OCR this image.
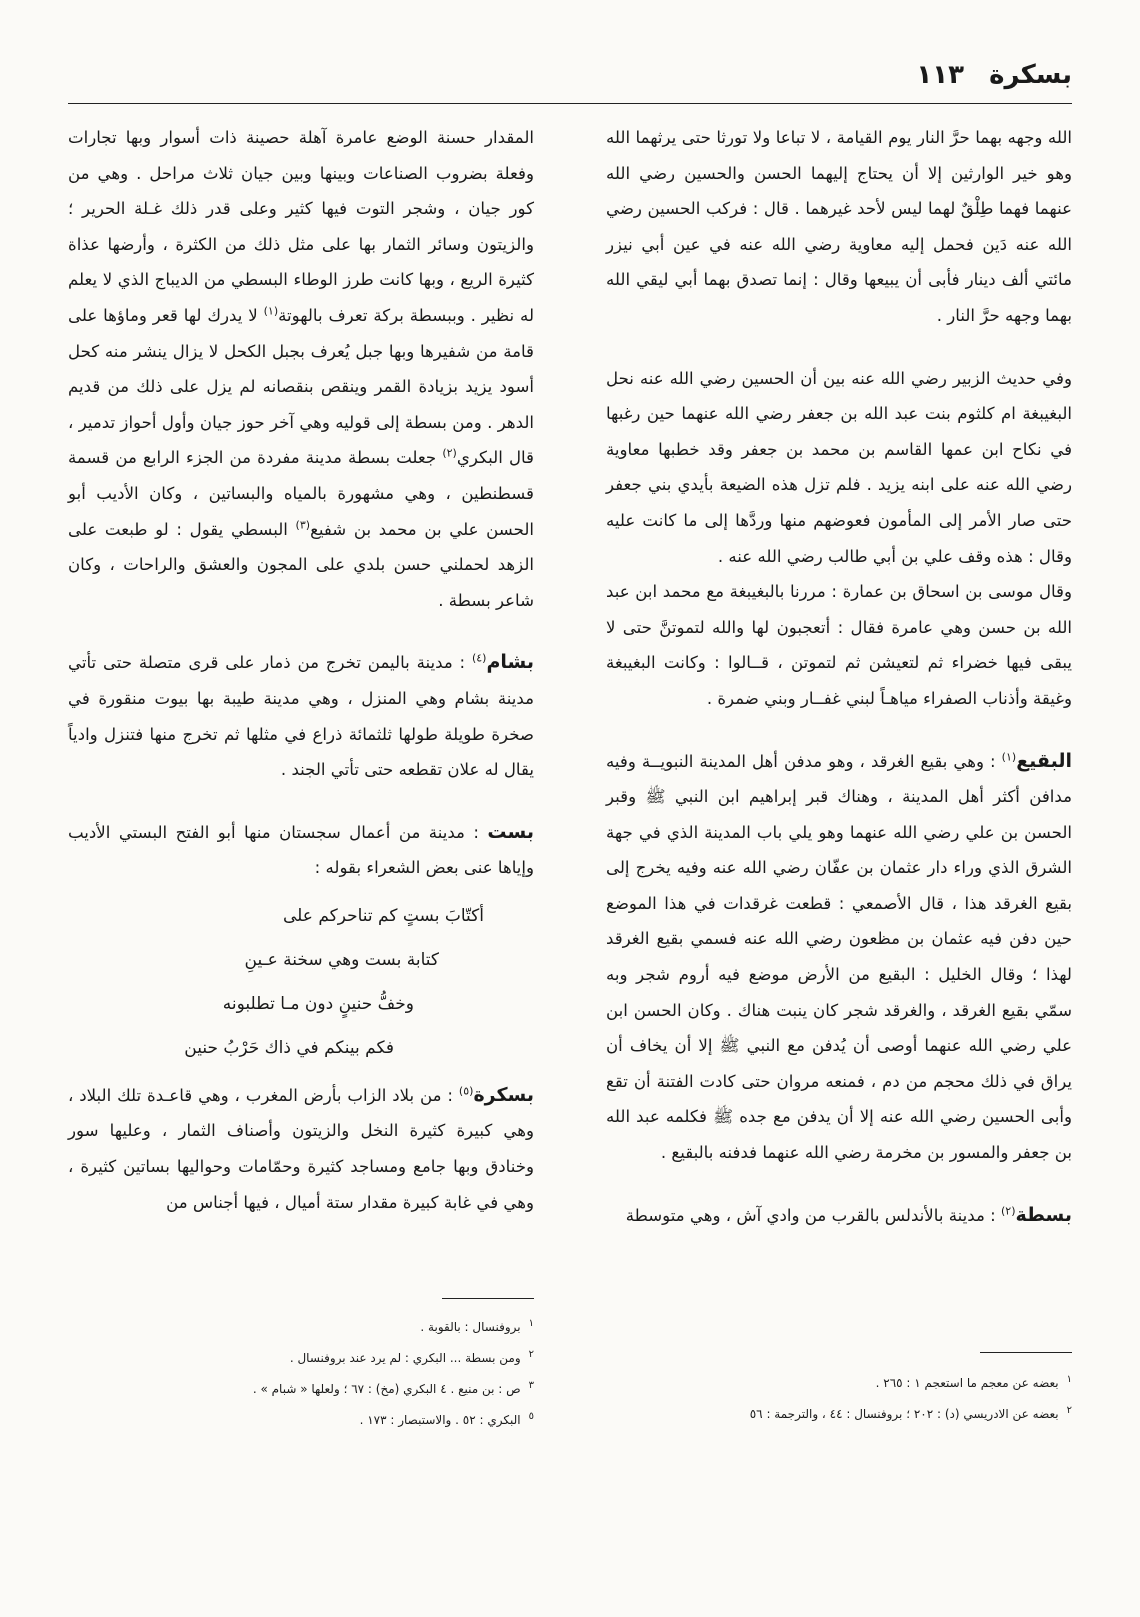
بسكرة
١١٣

الله وجهه بهما حرَّ النار يوم القيامة ، لا تباعا ولا تورثا حتى يرثهما الله وهو خير الوارثين إلا أن يحتاج إليهما الحسن والحسين رضي الله عنهما فهما طِلْقٌ لهما ليس لأحد غيرهما . قال : فركب الحسين رضي الله عنه دَين فحمل إليه معاوية رضي الله عنه في عين أبي نيزر مائتي ألف دينار فأبى أن يبيعها وقال : إنما تصدق بهما أبي ليقي الله بهما وجهه حرَّ النار .

وفي حديث الزبير رضي الله عنه بين أن الحسين رضي الله عنه نحل البغيبغة ام كلثوم بنت عبد الله بن جعفر رضي الله عنهما حين رغبها في نكاح ابن عمها القاسم بن محمد بن جعفر وقد خطبها معاوية رضي الله عنه على ابنه يزيد . فلم تزل هذه الضيعة بأيدي بني جعفر حتى صار الأمر إلى المأمون فعوضهم منها وردَّها إلى ما كانت عليه وقال : هذه وقف علي بن أبي طالب رضي الله عنه .

وقال موسى بن اسحاق بن عمارة : مررنا بالبغيبغة مع محمد ابن عبد الله بن حسن وهي عامرة فقال : أتعجبون لها والله لتموتنَّ حتى لا يبقى فيها خضراء ثم لتعيشن ثم لتموتن ، قــالوا : وكانت البغيبغة وغيقة وأذناب الصفراء مياهـاً لبني غفــار وبني ضمرة .

البقيع$^{(١)}$ : وهي بقيع الغرقد ، وهو مدفن أهل المدينة النبويــة وفيه مدافن أكثر أهل المدينة ، وهناك قبر إبراهيم ابن النبي ﷺ وقبر الحسن بن علي رضي الله عنهما وهو يلي باب المدينة الذي في جهة الشرق الذي وراء دار عثمان بن عفّان رضي الله عنه وفيه يخرج إلى بقيع الغرقد هذا ، قال الأصمعي : قطعت غرقدات في هذا الموضع حين دفن فيه عثمان بن مظعون رضي الله عنه فسمي بقيع الغرقد لهذا ؛ وقال الخليل : البقيع من الأرض موضع فيه أروم شجر وبه سمّي بقيع الغرقد ، والغرقد شجر كان ينبت هناك . وكان الحسن ابن علي رضي الله عنهما أوصى أن يُدفن مع النبي ﷺ إلا أن يخاف أن يراق في ذلك محجم من دم ، فمنعه مروان حتى كادت الفتنة أن تقع وأبى الحسين رضي الله عنه إلا أن يدفن مع جده ﷺ فكلمه عبد الله بن جعفر والمسور بن مخرمة رضي الله عنهما فدفنه بالبقيع .

بسطة$^{(٢)}$ : مدينة بالأندلس بالقرب من وادي آش ، وهي متوسطة

المقدار حسنة الوضع عامرة آهلة حصينة ذات أسوار وبها تجارات وفعلة بضروب الصناعات وبينها وبين جيان ثلاث مراحل . وهي من كور جيان ، وشجر التوت فيها كثير وعلى قدر ذلك غـلة الحرير ؛ والزيتون وسائر الثمار بها على مثل ذلك من الكثرة ، وأرضها عذاة كثيرة الريع ، وبها كانت طرز الوطاء البسطي من الديباج الذي لا يعلم له نظير . وببسطة بركة تعرف بالهوتة$^{(١)}$ لا يدرك لها قعر وماؤها على قامة من شفيرها وبها جبل يُعرف بجبل الكحل لا يزال ينشر منه كحل أسود يزيد بزيادة القمر وينقص بنقصانه لم يزل على ذلك من قديم الدهر . ومن بسطة إلى قوليه وهي آخر حوز جيان وأول أحواز تدمير ، قال البكري$^{(٢)}$ جعلت بسطة مدينة مفردة من الجزء الرابع من قسمة قسطنطين ، وهي مشهورة بالمياه والبساتين ، وكان الأديب أبو الحسن علي بن محمد بن شفيع$^{(٣)}$ البسطي يقول : لو طبعت على الزهد لحملني حسن بلدي على المجون والعشق والراحات ، وكان شاعر بسطة .

بشام$^{(٤)}$ : مدينة باليمن تخرج من ذمار على قرى متصلة حتى تأتي مدينة بشام وهي المنزل ، وهي مدينة طيبة بها بيوت منقورة في صخرة طويلة طولها ثلثمائة ذراع في مثلها ثم تخرج منها فتنزل وادياً يقال له علان تقطعه حتى تأتي الجند .

بست : مدينة من أعمال سجستان منها أبو الفتح البستي الأديب وإياها عنى بعض الشعراء بقوله :

أكتّابَ بستٍ كم تناحركم على
كتابة بست وهي سخنة عـينِ
وخفُّ حنينٍ دون مـا تطلبونه
فكم بينكم في ذاك حَرْبُ حنين

بسكرة$^{(٥)}$ : من بلاد الزاب بأرض المغرب ، وهي قاعـدة تلك البلاد ، وهي كبيرة كثيرة النخل والزيتون وأصناف الثمار ، وعليها سور وخنادق وبها جامع ومساجد كثيرة وحمّامات وحواليها بساتين كثيرة ، وهي في غابة كبيرة مقدار ستة أميال ، فيها أجناس من

$^١$بعضه عن معجم ما استعجم ١ : ٢٦٥ .
$^٢$بعضه عن الادريسي (د) : ٢٠٢ ؛ بروفنسال : ٤٤ ، والترجمة : ٥٦
$^١$بروفنسال : بالقوبة .
$^٢$ومن بسطة ... البكري : لم يرد عند بروفنسال .
$^٣$ص : بن منيع . ٤ البكري (مخ) : ٦٧ ؛ ولعلها « شبام » .
$^٥$البكري : ٥٢ . والاستبصار : ١٧٣ .
